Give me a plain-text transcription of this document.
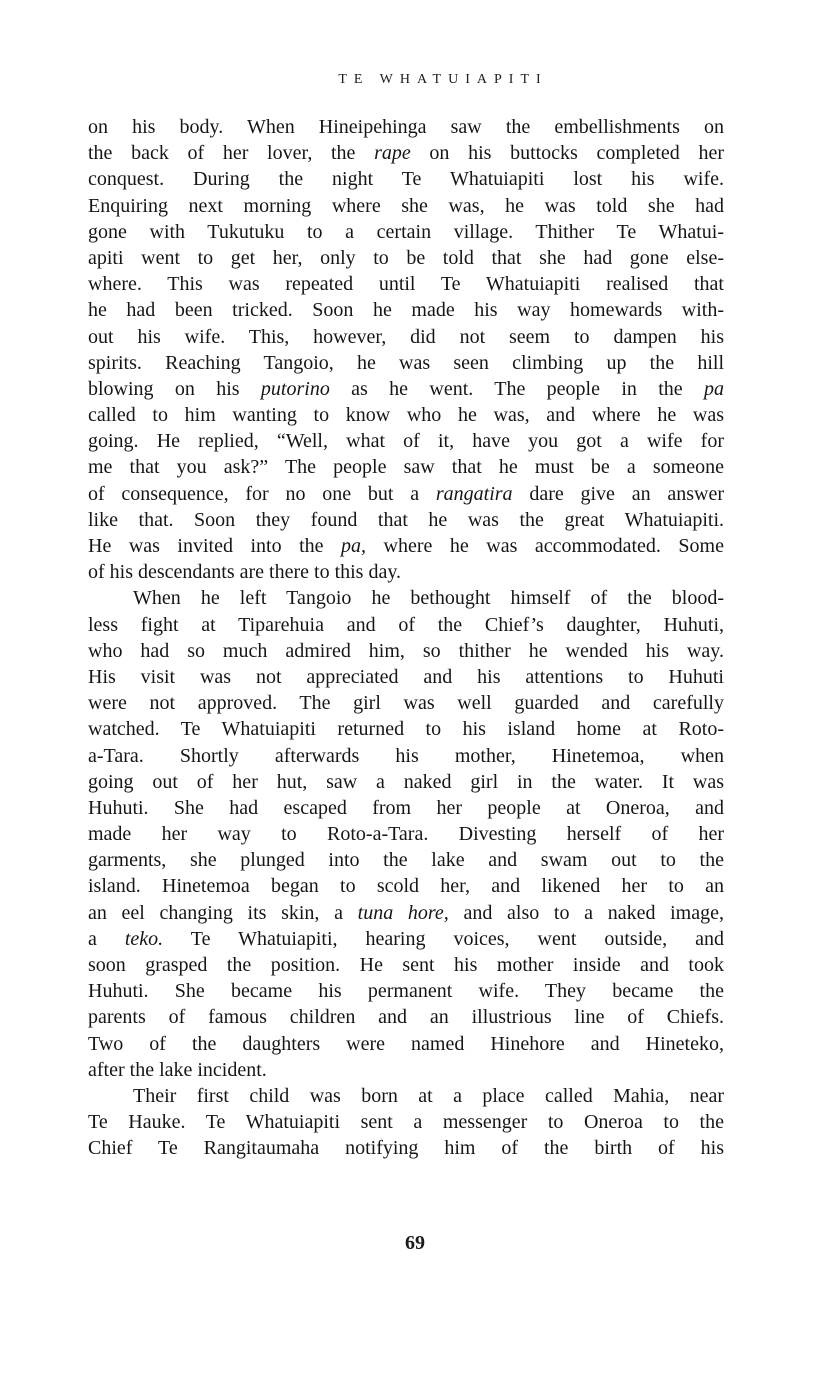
TE WHATUIAPITI
on his body. When Hineipehinga saw the embellishments on
the back of her lover, the rape on his buttocks completed her
conquest. During the night Te Whatuiapiti lost his wife.
Enquiring next morning where she was, he was told she had
gone with Tukutuku to a certain village. Thither Te Whatui-
apiti went to get her, only to be told that she had gone else-
where. This was repeated until Te Whatuiapiti realised that
he had been tricked. Soon he made his way homewards with-
out his wife. This, however, did not seem to dampen his
spirits. Reaching Tangoio, he was seen climbing up the hill
blowing on his putorino as he went. The people in the pa
called to him wanting to know who he was, and where he was
going. He replied, “Well, what of it, have you got a wife for
me that you ask?” The people saw that he must be a someone
of consequence, for no one but a rangatira dare give an answer
like that. Soon they found that he was the great Whatuiapiti.
He was invited into the pa, where he was accommodated. Some
of his descendants are there to this day.
When he left Tangoio he bethought himself of the blood-
less fight at Tiparehuia and of the Chief’s daughter, Huhuti,
who had so much admired him, so thither he wended his way.
His visit was not appreciated and his attentions to Huhuti
were not approved. The girl was well guarded and carefully
watched. Te Whatuiapiti returned to his island home at Roto-
a-Tara. Shortly afterwards his mother, Hinetemoa, when
going out of her hut, saw a naked girl in the water. It was
Huhuti. She had escaped from her people at Oneroa, and
made her way to Roto-a-Tara. Divesting herself of her
garments, she plunged into the lake and swam out to the
island. Hinetemoa began to scold her, and likened her to an
an eel changing its skin, a tuna hore, and also to a naked image,
a teko. Te Whatuiapiti, hearing voices, went outside, and
soon grasped the position. He sent his mother inside and took
Huhuti. She became his permanent wife. They became the
parents of famous children and an illustrious line of Chiefs.
Two of the daughters were named Hinehore and Hineteko,
after the lake incident.
Their first child was born at a place called Mahia, near
Te Hauke. Te Whatuiapiti sent a messenger to Oneroa to the
Chief Te Rangitaumaha notifying him of the birth of his
69
